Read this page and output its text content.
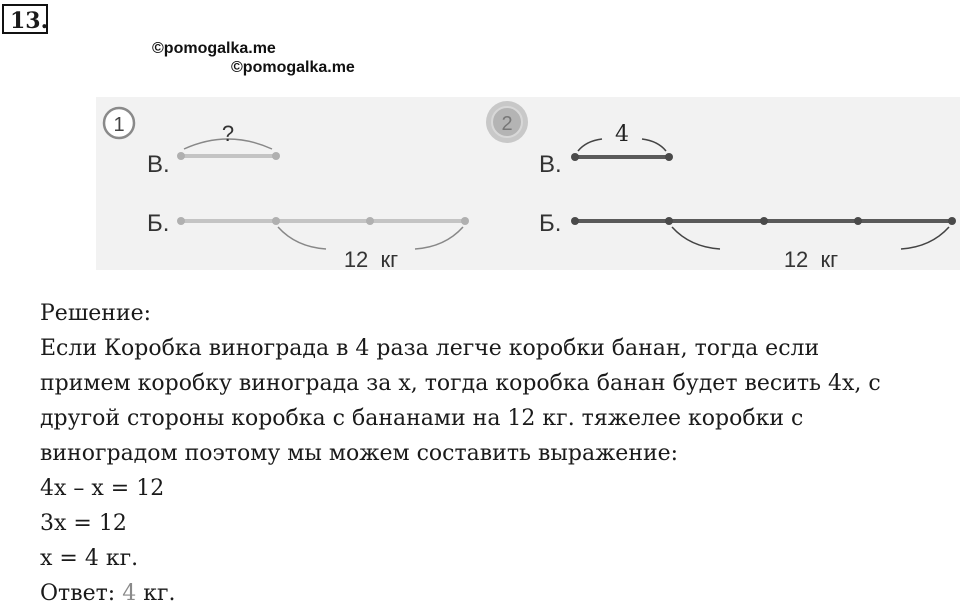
13.
©pomogalka.me
©pomogalka.me
1
В.
?
Б.
12  кг
2
В.
4
Б.
12  кг
Решение:
Если Коробка винограда в 4 раза легче коробки банан, тогда если
примем коробку винограда за x, тогда коробка банан будет весить 4x, с
другой стороны коробка с бананами на 12 кг. тяжелее коробки с
виноградом поэтому мы можем составить выражение:
4x – x = 12
3x = 12
x = 4 кг.
Ответ: 4 кг.
